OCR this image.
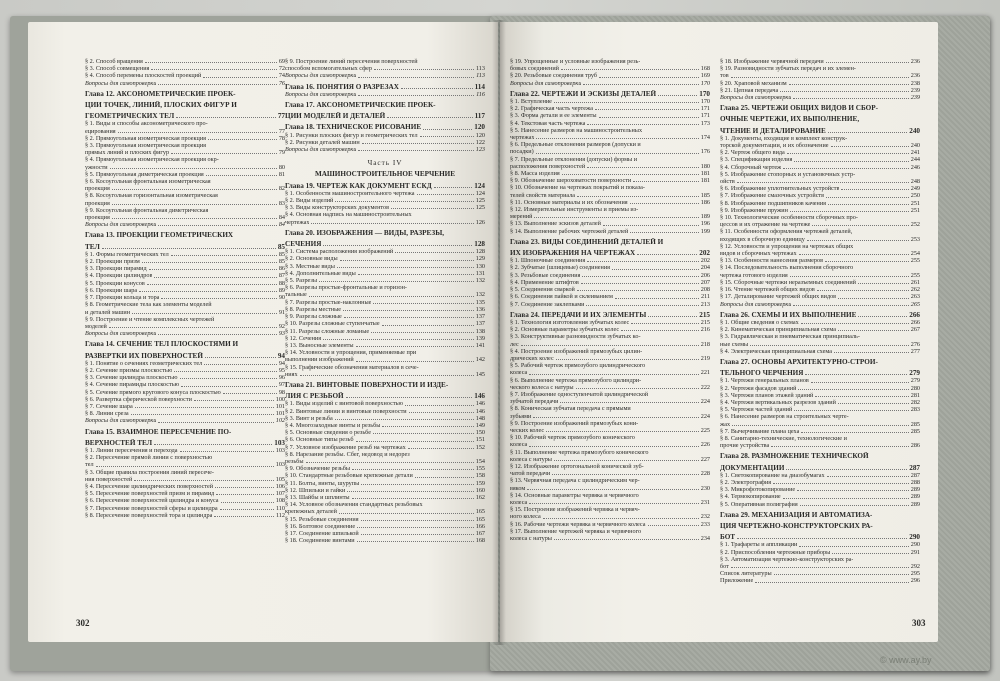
§ 2. Способ вращения	69
§ 3. Способ совмещения	72
§ 4. Способ перемены плоскостей проекций	74
Вопросы для самопроверки	76
Глава 12. АКСОНОМЕТРИЧЕСКИЕ ПРОЕК-
ЦИИ ТОЧЕК, ЛИНИЙ, ПЛОСКИХ ФИГУР И
ГЕОМЕТРИЧЕСКИХ ТЕЛ	77
§ 1. Виды и способы аксонометрического про-
ецирования	77
§ 2. Прямоугольная изометрическая проекция	78
§ 3. Прямоугольная изометрическая проекция
прямых линий и плоских фигур	79
§ 4. Прямоугольная изометрическая проекция окр-
ужности	80
§ 5. Прямоугольная диметрическая проекция	81
§ 6. Косоугольная фронтальная изометрическая
проекция	82
§ 8. Косоугольная горизонтальная изометрическая
проекция	83
§ 9. Косоугольная фронтальная диметрическая
проекция	84
Вопросы для самопроверки	84
Глава 13. ПРОЕКЦИИ ГЕОМЕТРИЧЕСКИХ
ТЕЛ	85
§ 1. Формы геометрических тел	85
§ 2. Проекции призм	85
§ 3. Проекции пирамид	86
§ 4. Проекции цилиндров	87
§ 5. Проекции конусов	88
§ 6. Проекции шара	89
§ 7. Проекции кольца и тора	90
§ 8. Геометрические тела как элементы моделей
и деталей машин	91
§ 9. Построение и чтение комплексных чертежей
моделей	92
Вопросы для самопроверки	93
Глава 14. СЕЧЕНИЕ ТЕЛ ПЛОСКОСТЯМИ И
РАЗВЕРТКИ ИХ ПОВЕРХНОСТЕЙ	94
§ 1. Понятие о сечениях геометрических тел	94
§ 2. Сечение призмы плоскостью	95
§ 3. Сечение цилиндра плоскостью	96
§ 4. Сечение пирамиды плоскостью	97
§ 5. Сечение прямого кругового конуса плоскостью	98
§ 6. Развертка сферической поверхности	100
§ 7. Сечение шара	101
§ 8. Линии среза	101
Вопросы для самопроверки	102
Глава 15. ВЗАИМНОЕ ПЕРЕСЕЧЕНИЕ ПО-
ВЕРХНОСТЕЙ ТЕЛ	103
§ 1. Линии пересечения и перехода	103
§ 2. Пересечение прямой линии с поверхностью
тел	103
§ 3. Общие правила построения линий пересече-
ния поверхностей	105
§ 4. Пересечение цилиндрических поверхностей	106
§ 5. Пересечение поверхностей призм и пирамид	107
§ 6. Пересечение поверхностей цилиндра и конуса	108
§ 7. Пересечение поверхностей сферы и цилиндра	110
§ 8. Пересечение поверхностей тора и цилиндра	112
§ 9. Построение линий пересечения поверхностей
способом вспомогательных сфер	113
Вопросы для самопроверки	113
Глава 16. ПОНЯТИЯ О РАЗРЕЗАХ	114
Вопросы для самопроверки	116
Глава 17. АКСОНОМЕТРИЧЕСКИЕ ПРОЕК-
ЦИИ МОДЕЛЕЙ И ДЕТАЛЕЙ	117
Глава 18. ТЕХНИЧЕСКОЕ РИСОВАНИЕ	120
§ 1. Рисунки плоских фигур и геометрических тел	120
§ 2. Рисунки деталей машин	122
Вопросы для самопроверки	123
Часть IV
МАШИНОСТРОИТЕЛЬНОЕ ЧЕРЧЕНИЕ
Глава 19. ЧЕРТЕЖ КАК ДОКУМЕНТ ЕСКД	124
§ 1. Особенности машиностроительного чертежа	124
§ 2. Виды изделий	125
§ 3. Виды конструкторских документов	125
§ 4. Основная надпись на машиностроительных
чертежах	126
Глава 20. ИЗОБРАЖЕНИЯ — ВИДЫ, РАЗРЕЗЫ,
СЕЧЕНИЯ	128
§ 1. Система расположения изображений	128
§ 2. Основные виды	129
§ 3. Местные виды	130
§ 4. Дополнительные виды	131
§ 5. Разрезы	132
§ 6. Разрезы простые-фронтальные и горизон-
тальные	132
§ 7. Разрезы простые-наклонные	135
§ 8. Разрезы местные	136
§ 9. Разрезы сложные	137
§ 10. Разрезы сложные ступенчатые	137
§ 11. Разрезы сложные ломаные	138
§ 12. Сечения	139
§ 13. Выносные элементы	141
§ 14. Условности и упрощения, применяемые при
выполнении изображений	142
§ 15. Графические обозначения материалов в сече-
ниях	145
Глава 21. ВИНТОВЫЕ ПОВЕРХНОСТИ И ИЗДЕ-
ЛИЯ С РЕЗЬБОЙ	146
§ 1. Виды изделий с винтовой поверхностью	146
§ 2. Винтовые линии и винтовые поверхности	146
§ 3. Винт и резьба	148
§ 4. Многозаходные винты и резьбы	149
§ 5. Основные сведения о резьбе	150
§ 6. Основные типы резьб	151
§ 7. Условное изображение резьб на чертежах	152
§ 8. Нарезание резьбы. Сбег, недовод и недорез
резьбы	154
§ 9. Обозначение резьбы	155
§ 10. Стандартные резьбовые крепежные детали	158
§ 11. Болты, винты, шурупы	159
§ 12. Шпильки и гайки	160
§ 13. Шайбы и шплинты	162
§ 14. Условное обозначения стандартных резьбовых
крепежных деталей	165
§ 15. Резьбовые соединения	165
§ 16. Болтовое соединение	166
§ 17. Соединение шпилькой	167
§ 18. Соединение винтами	168
302
§ 19. Упрощенные и условные изображения резь-
бовых соединений	168
§ 20. Резьбовые соединения труб	169
Вопросы для самопроверки	170
Глава 22. ЧЕРТЕЖИ И ЭСКИЗЫ ДЕТАЛЕЙ	170
§ 1. Вступление	170
§ 2. Графическая часть чертежа	171
§ 3. Форма детали и ее элементы	171
§ 4. Текстовая часть чертежа	173
§ 5. Нанесение размеров на машиностроительных
чертежах	174
§ 6. Предельные отклонения размеров (допуски и
посадки)	176
§ 7. Предельные отклонения (допуски) формы и
расположения поверхностей	180
§ 8. Масса изделия	181
§ 9. Обозначение шероховатости поверхности	181
§ 10. Обозначение на чертежах покрытий и показа-
телей свойств материала	185
§ 11. Основные материалы и их обозначения	186
§ 12. Измерительные инструменты и приемы из-
мерений	189
§ 13. Выполнение эскизов деталей	196
§ 14. Выполнение рабочих чертежей деталей	199
Глава 23. ВИДЫ СОЕДИНЕНИЙ ДЕТАЛЕЙ И
ИХ ИЗОБРАЖЕНИЯ НА ЧЕРТЕЖАХ	202
§ 1. Шпоночные соединения	202
§ 2. Зубчатые (шлицевые) соединения	204
§ 3. Резьбовые соединения	206
§ 4. Применение штифтов	207
§ 5. Соединения сваркой	208
§ 6. Соединения пайкой и склеиванием	211
§ 7. Соединение заклепками	213
Глава 24. ПЕРЕДАЧИ И ИХ ЭЛЕМЕНТЫ	215
§ 1. Технология изготовления зубчатых колес	215
§ 2. Основные параметры зубчатых колес	216
§ 3. Конструктивные разновидности зубчатых ко-
лес	218
§ 4. Построение изображений прямозубых цилин-
дрических колес	219
§ 5. Рабочий чертеж прямозубого цилиндрического
колеса	221
§ 6. Выполнение чертежа прямозубого цилиндри-
ческого колеса с натуры	222
§ 7. Изображение одноступенчатой цилиндрической
зубчатой передачи	224
§ 8. Коническая зубчатая передача с прямыми
зубьями	224
§ 9. Построение изображений прямозубых кони-
ческих колес	225
§ 10. Рабочий чертеж прямозубого конического
колеса	226
§ 11. Выполнение чертежа прямозубого конического
колеса с натуры	227
§ 12. Изображение ортогональной конической зуб-
чатой передачи	228
§ 13. Червячная передача с цилиндрическим чер-
вяком	230
§ 14. Основные параметры червяка и червячного
колеса	231
§ 15. Построение изображений червяка и червяч-
ного колеса	232
§ 16. Рабочие чертежи червяка и червячного колеса	233
§ 17. Выполнение чертежей червяка и червячного
колеса с натуры	234
§ 18. Изображение червячной передачи	236
§ 19. Разновидности зубчатых передач и их элемен-
тов	236
§ 20. Храповой механизм	238
§ 21. Цепная передача	239
Вопросы для самопроверки	239
Глава 25. ЧЕРТЕЖИ ОБЩИХ ВИДОВ И СБОР-
ОЧНЫЕ ЧЕРТЕЖИ, ИХ ВЫПОЛНЕНИЕ,
ЧТЕНИЕ И ДЕТАЛИРОВАНИЕ	240
§ 1. Документы, входящие в комплект конструк-
торской документации, и их обозначение	240
§ 2. Чертеж общего вида	241
§ 3. Спецификация изделия	244
§ 4. Сборочный чертеж	246
§ 5. Изображение стопорных и установочных устр-
ойств	248
§ 6. Изображение уплотнительных устройств	249
§ 7. Изображение смазочных устройств	250
§ 8. Изображение подшипников качения	251
§ 9. Изображение пружин	251
§ 10. Технологические особенности сборочных про-
цессов и их отражение на чертеже	252
§ 11. Особенности оформления чертежей деталей,
входящих в сборочную единицу	253
§ 12. Условности и упрощения на чертежах общих
видов и сборочных чертежах	254
§ 13. Особенности нанесения размеров	255
§ 14. Последовательность выполнения сборочного
чертежа готового изделия	255
§ 15. Сборочные чертежи неразъемных соединений	261
§ 16. Чтение чертежей общих видов	262
§ 17. Деталирование чертежей общих видов	263
Вопросы для самопроверки	265
Глава 26. СХЕМЫ И ИХ ВЫПОЛНЕНИЕ	266
§ 1. Общие сведения о схемах	266
§ 2. Кинематическая принципиальная схема	267
§ 3. Гидравлическая и пневматическая принципиаль-
ные схемы	276
§ 4. Электрическая принципиальная схема	277
Глава 27. ОСНОВЫ АРХИТЕКТУРНО-СТРОИ-
ТЕЛЬНОГО ЧЕРЧЕНИЯ	279
§ 1. Чертежи генеральных планов	279
§ 2. Чертежи фасадов зданий	280
§ 3. Чертежи планов этажей зданий	281
§ 4. Чертежи вертикальных разрезов зданий	282
§ 5. Чертежи частей зданий	283
§ 6. Нанесение размеров на строительных черте-
жах	285
§ 7. Вычерчивание плана цеха	285
§ 8. Санитарно-технические, технологические и
прочие устройства	286
Глава 28. РАЗМНОЖЕНИЕ ТЕХНИЧЕСКОЙ
ДОКУМЕНТАЦИИ	287
§ 1. Светокопирование на диазобумагах	287
§ 2. Электрография	288
§ 3. Микрофотокопирование	289
§ 4. Термокопирование	289
§ 5. Оперативная полиграфия	289
Глава 29. МЕХАНИЗАЦИЯ И АВТОМАТИЗА-
ЦИЯ ЧЕРТЕЖНО-КОНСТРУКТОРСКИХ РА-
БОТ	290
§ 1. Трафареты и аппликации	290
§ 2. Приспособления чертежные приборы	291
§ 3. Автоматизация чертежно-конструкторских ра-
бот	292
Список литературы	295
Приложение	296
303
© www.ay.by
